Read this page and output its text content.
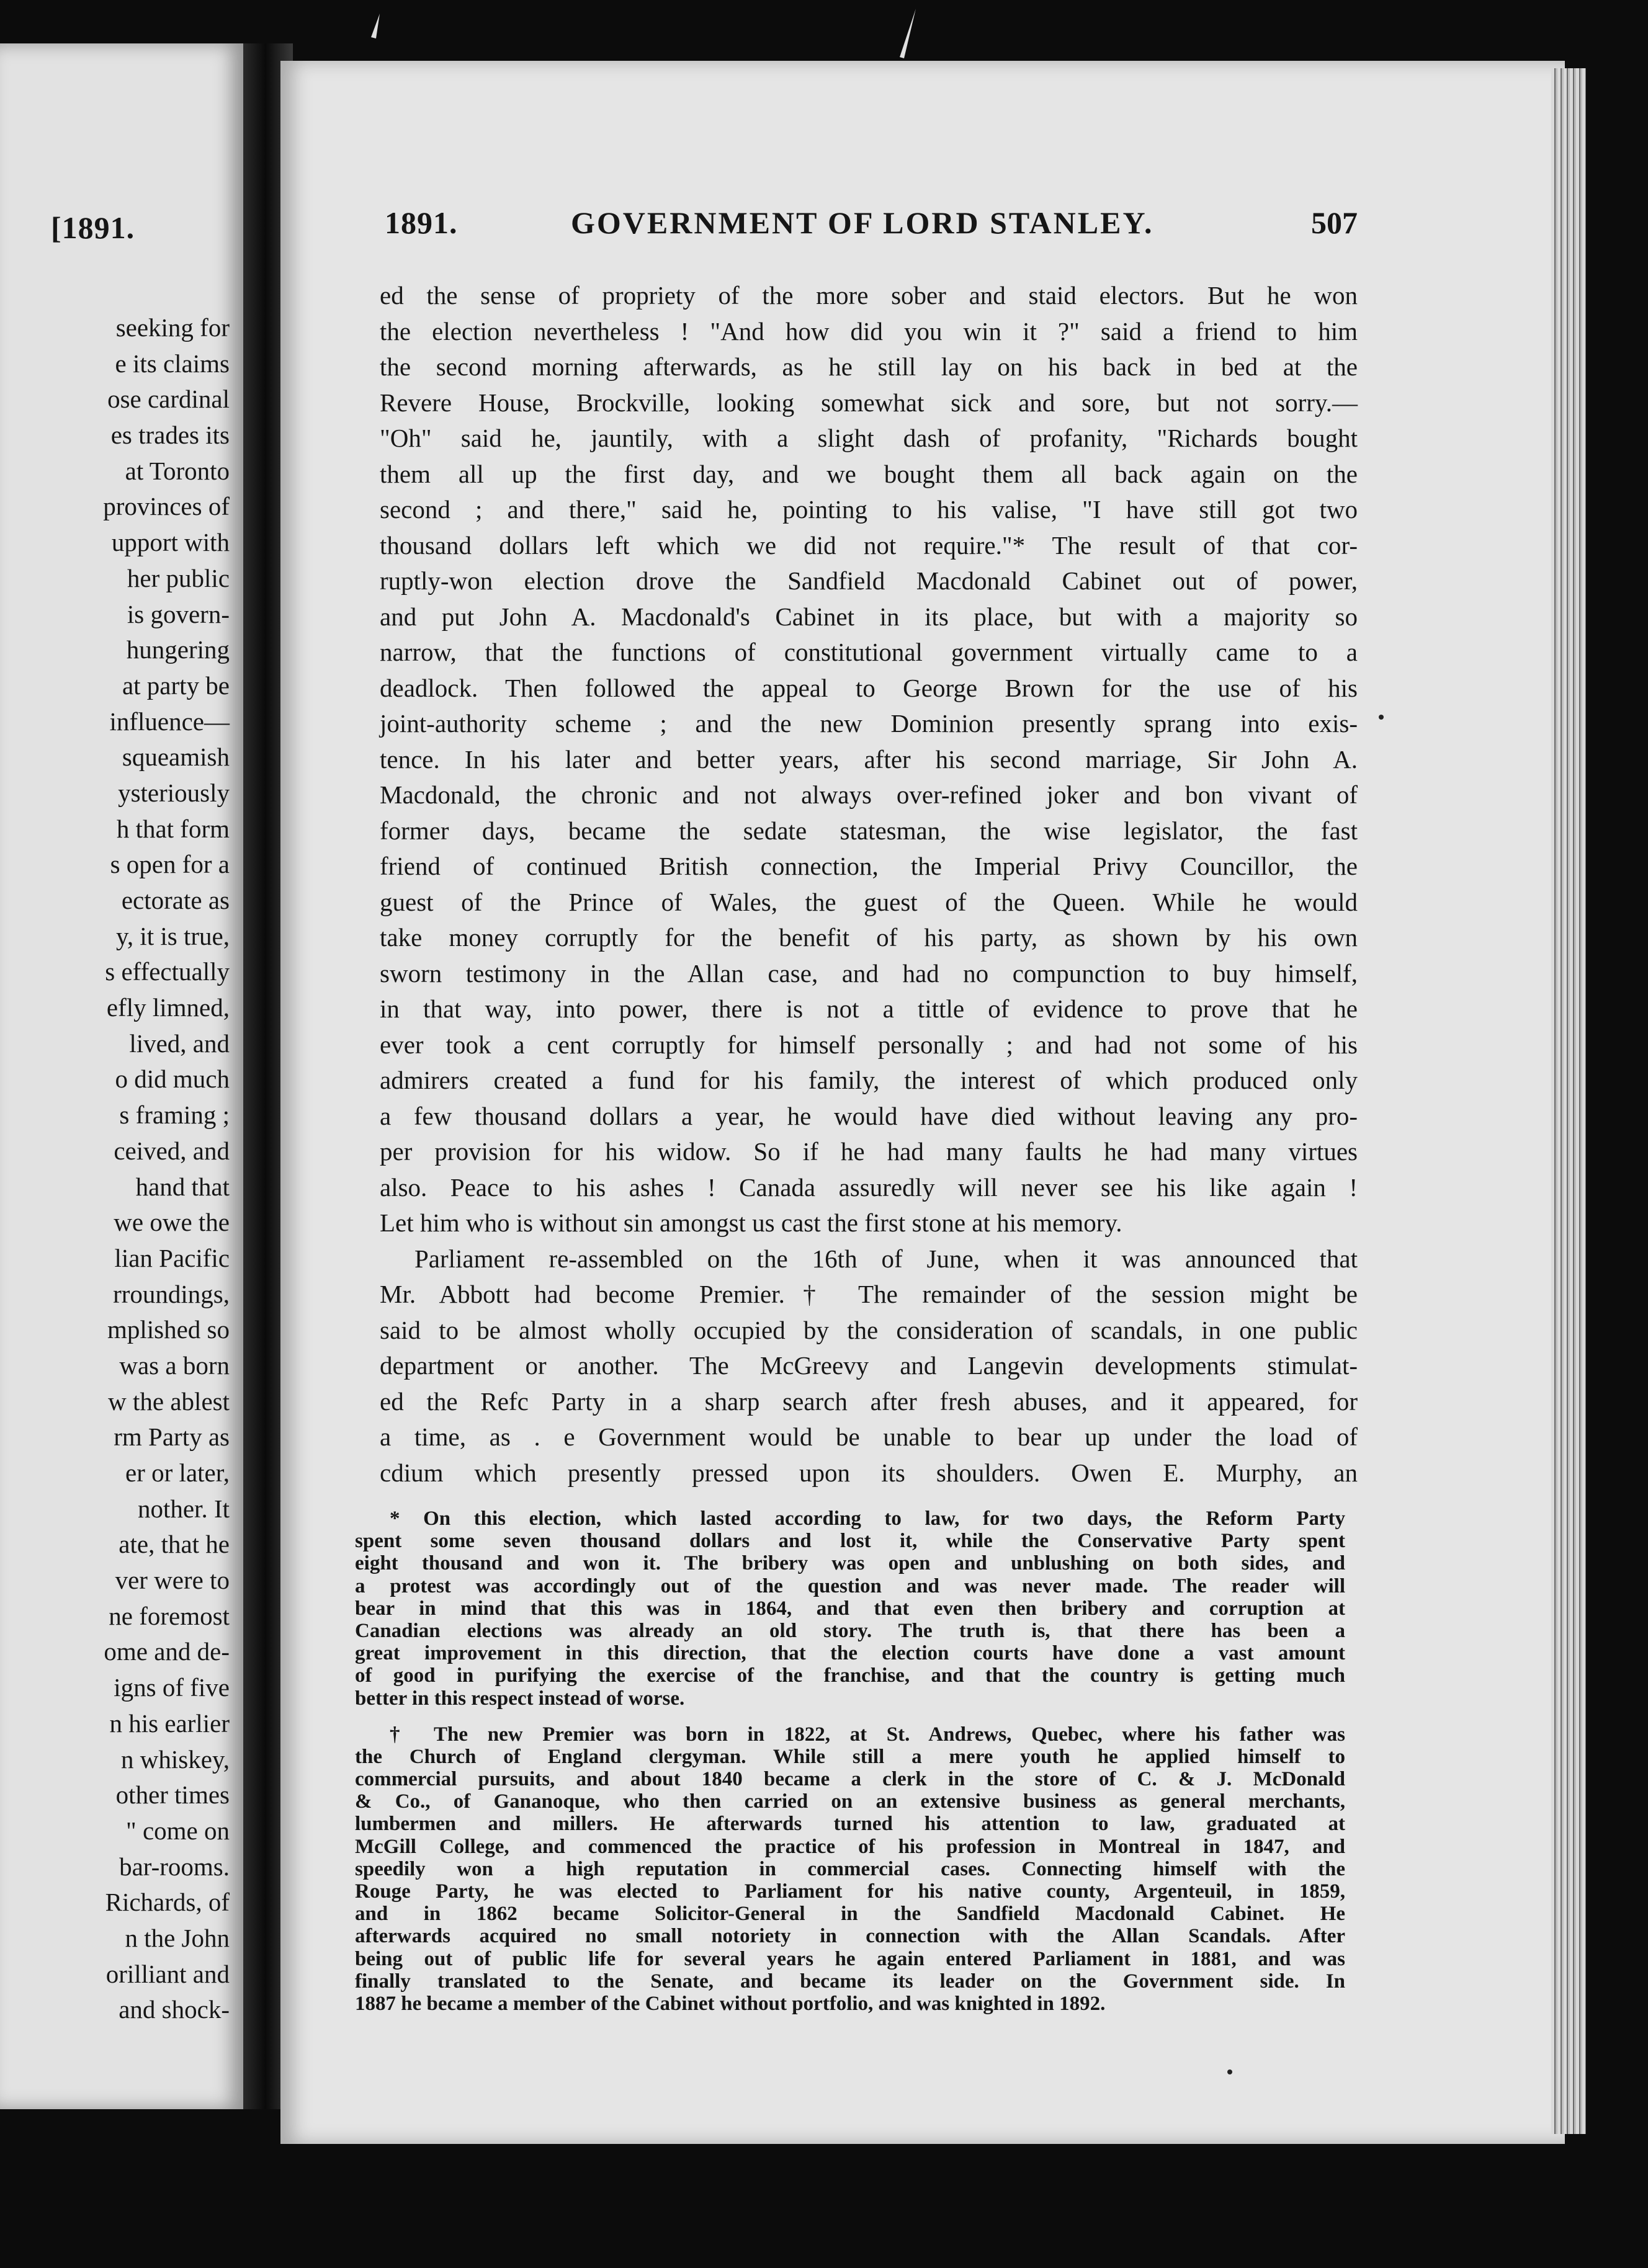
[1891.
seeking for
e its claims
ose cardinal
es trades its
at Toronto
provinces of
upport with
her public
is govern-
hungering
at party be
influence—
squeamish
ysteriously
h that form
s open for a
ectorate as
y, it is true,
s effectually
efly limned,
lived, and
o did much
s framing ;
ceived, and
hand that
we owe the
lian Pacific
rroundings,
mplished so
was a born
w the ablest
rm Party as
er or later,
nother. It
ate, that he
ver were to
ne foremost
ome and de-
igns of five
n his earlier
n whiskey,
other times
" come on
bar-rooms.
Richards, of
n the John
orilliant and
and shock-
1891.	GOVERNMENT OF LORD STANLEY.	507
ed the sense of propriety of the more sober and staid electors. But he won
the election nevertheless ! "And how did you win it ?" said a friend to him
the second morning afterwards, as he still lay on his back in bed at the
Revere House, Brockville, looking somewhat sick and sore, but not sorry.—
"Oh" said he, jauntily, with a slight dash of profanity, "Richards bought
them all up the first day, and we bought them all back again on the
second ; and there," said he, pointing to his valise, "I have still got two
thousand dollars left which we did not require."* The result of that cor-
ruptly-won election drove the Sandfield Macdonald Cabinet out of power,
and put John A. Macdonald's Cabinet in its place, but with a majority so
narrow, that the functions of constitutional government virtually came to a
deadlock. Then followed the appeal to George Brown for the use of his
joint-authority scheme ; and the new Dominion presently sprang into exis-
tence. In his later and better years, after his second marriage, Sir John A.
Macdonald, the chronic and not always over-refined joker and bon vivant of
former days, became the sedate statesman, the wise legislator, the fast
friend of continued British connection, the Imperial Privy Councillor, the
guest of the Prince of Wales, the guest of the Queen. While he would
take money corruptly for the benefit of his party, as shown by his own
sworn testimony in the Allan case, and had no compunction to buy himself,
in that way, into power, there is not a tittle of evidence to prove that he
ever took a cent corruptly for himself personally ; and had not some of his
admirers created a fund for his family, the interest of which produced only
a few thousand dollars a year, he would have died without leaving any pro-
per provision for his widow. So if he had many faults he had many virtues
also. Peace to his ashes ! Canada assuredly will never see his like again !
Let him who is without sin amongst us cast the first stone at his memory.
Parliament re-assembled on the 16th of June, when it was announced that
Mr. Abbott had become Premier.† The remainder of the session might be
said to be almost wholly occupied by the consideration of scandals, in one public
department or another. The McGreevy and Langevin developments stimulat-
ed the Refc Party in a sharp search after fresh abuses, and it appeared, for
a time, as . e Government would be unable to bear up under the load of
cdium which presently pressed upon its shoulders. Owen E. Murphy, an
* On this election, which lasted according to law, for two days, the Reform Party
spent some seven thousand dollars and lost it, while the Conservative Party spent
eight thousand and won it. The bribery was open and unblushing on both sides, and
a protest was accordingly out of the question and was never made. The reader will
bear in mind that this was in 1864, and that even then bribery and corruption at
Canadian elections was already an old story. The truth is, that there has been a
great improvement in this direction, that the election courts have done a vast amount
of good in purifying the exercise of the franchise, and that the country is getting much
better in this respect instead of worse.
† The new Premier was born in 1822, at St. Andrews, Quebec, where his father was
the Church of England clergyman. While still a mere youth he applied himself to
commercial pursuits, and about 1840 became a clerk in the store of C. & J. McDonald
& Co., of Gananoque, who then carried on an extensive business as general merchants,
lumbermen and millers. He afterwards turned his attention to law, graduated at
McGill College, and commenced the practice of his profession in Montreal in 1847, and
speedily won a high reputation in commercial cases. Connecting himself with the
Rouge Party, he was elected to Parliament for his native county, Argenteuil, in 1859,
and in 1862 became Solicitor-General in the Sandfield Macdonald Cabinet. He
afterwards acquired no small notoriety in connection with the Allan Scandals. After
being out of public life for several years he again entered Parliament in 1881, and was
finally translated to the Senate, and became its leader on the Government side. In
1887 he became a member of the Cabinet without portfolio, and was knighted in 1892.
